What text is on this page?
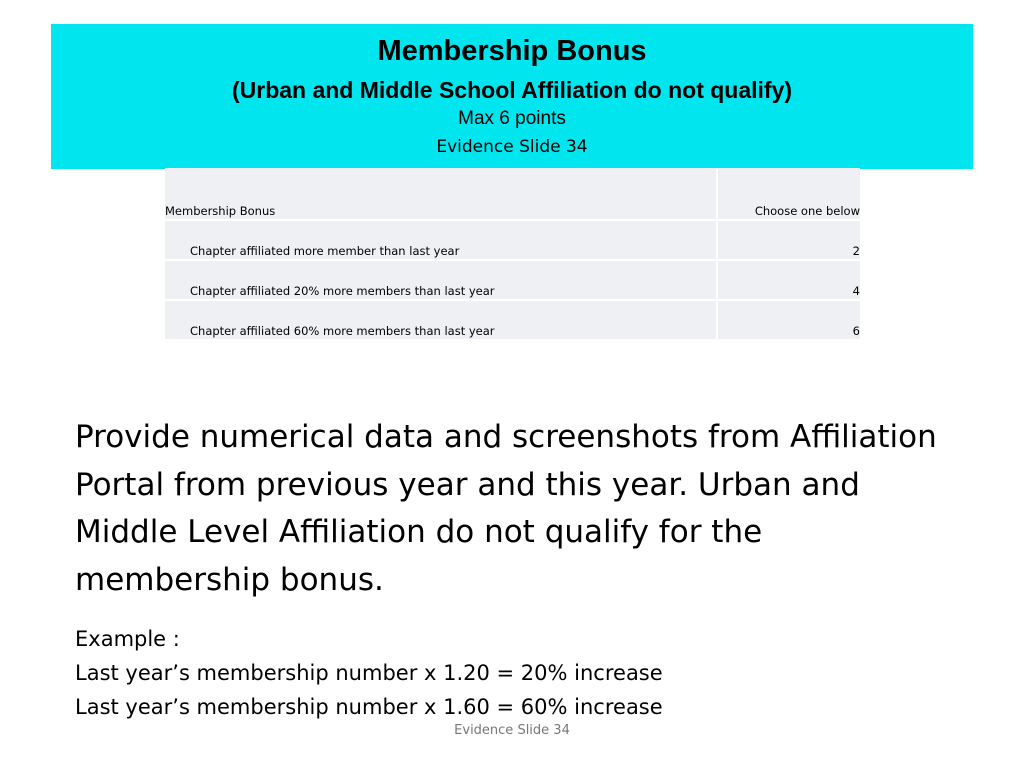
Membership Bonus
(Urban and Middle School Affiliation do not qualify)
Max 6 points
Evidence Slide 34
Membership Bonus	Choose one below
Chapter affiliated more member than last year	2
Chapter affiliated 20% more members than last year	4
Chapter affiliated 60% more members than last year	6

Provide numerical data and screenshots from Affiliation Portal from previous year and this year. Urban and Middle Level Affiliation do not qualify for the membership bonus.

Example :
Last year’s membership number x 1.20 = 20% increase
Last year’s membership number x 1.60 = 60% increase
Evidence Slide 34
